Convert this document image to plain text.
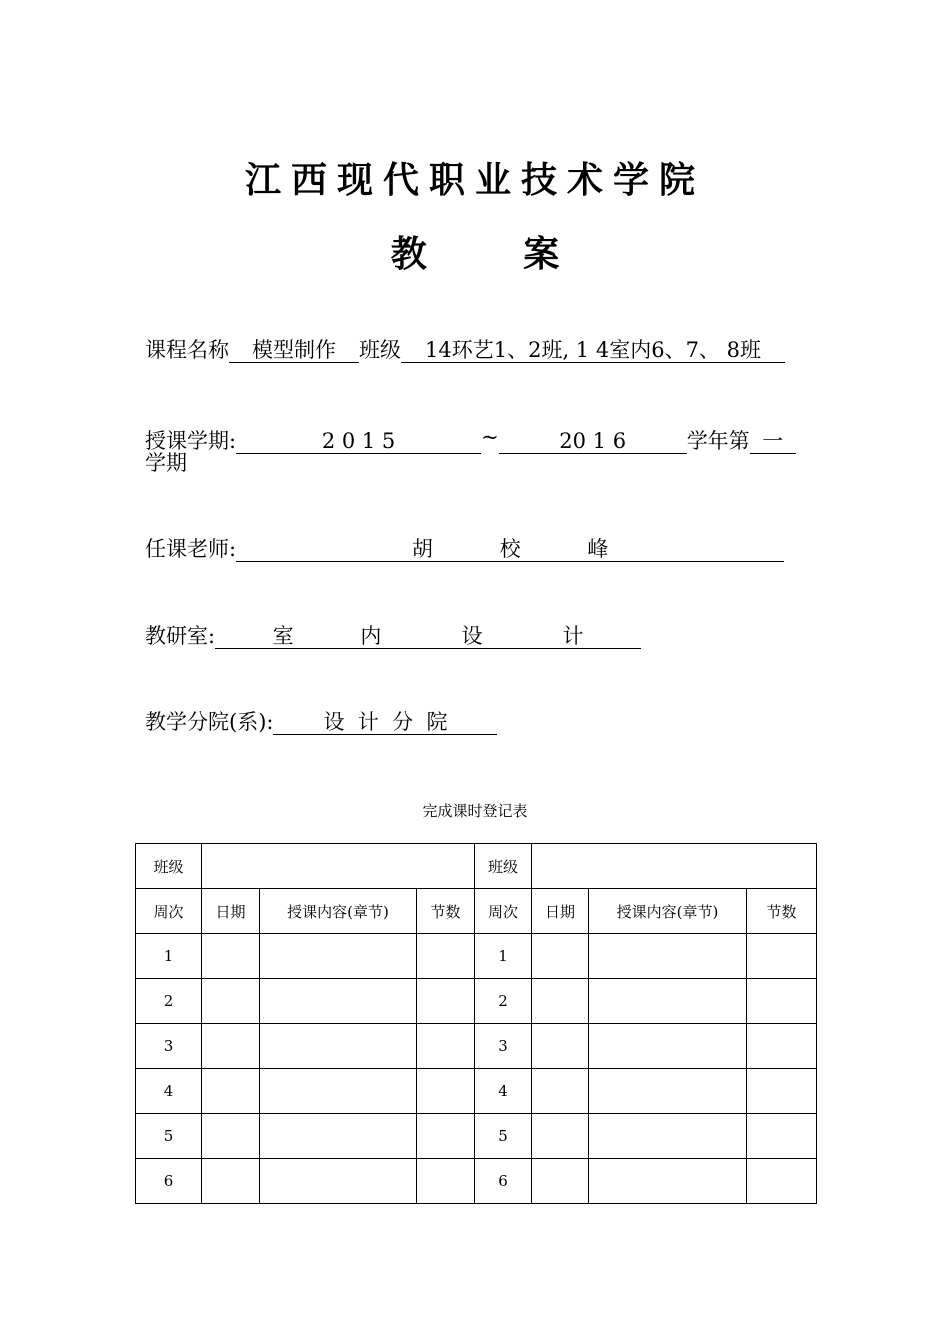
江西现代职业技术学院
教	案
课程名称 模型制作 班级 14环艺1、2班, 1 4室内6、7、 8班
授课学期:	2 0 1 5	~	20 1 6	学年第 一
学期
任课老师:	胡          校          峰
教研室:	室          内            设            计
教学分院(系): 设  计  分  院
完成课时登记表
班级				班级			
周次	日期	授课内容(章节)	节数	周次	日期	授课内容(章节)	节数
1				1			
2				2			
3				3			
4				4			
5				5			
6				6			
